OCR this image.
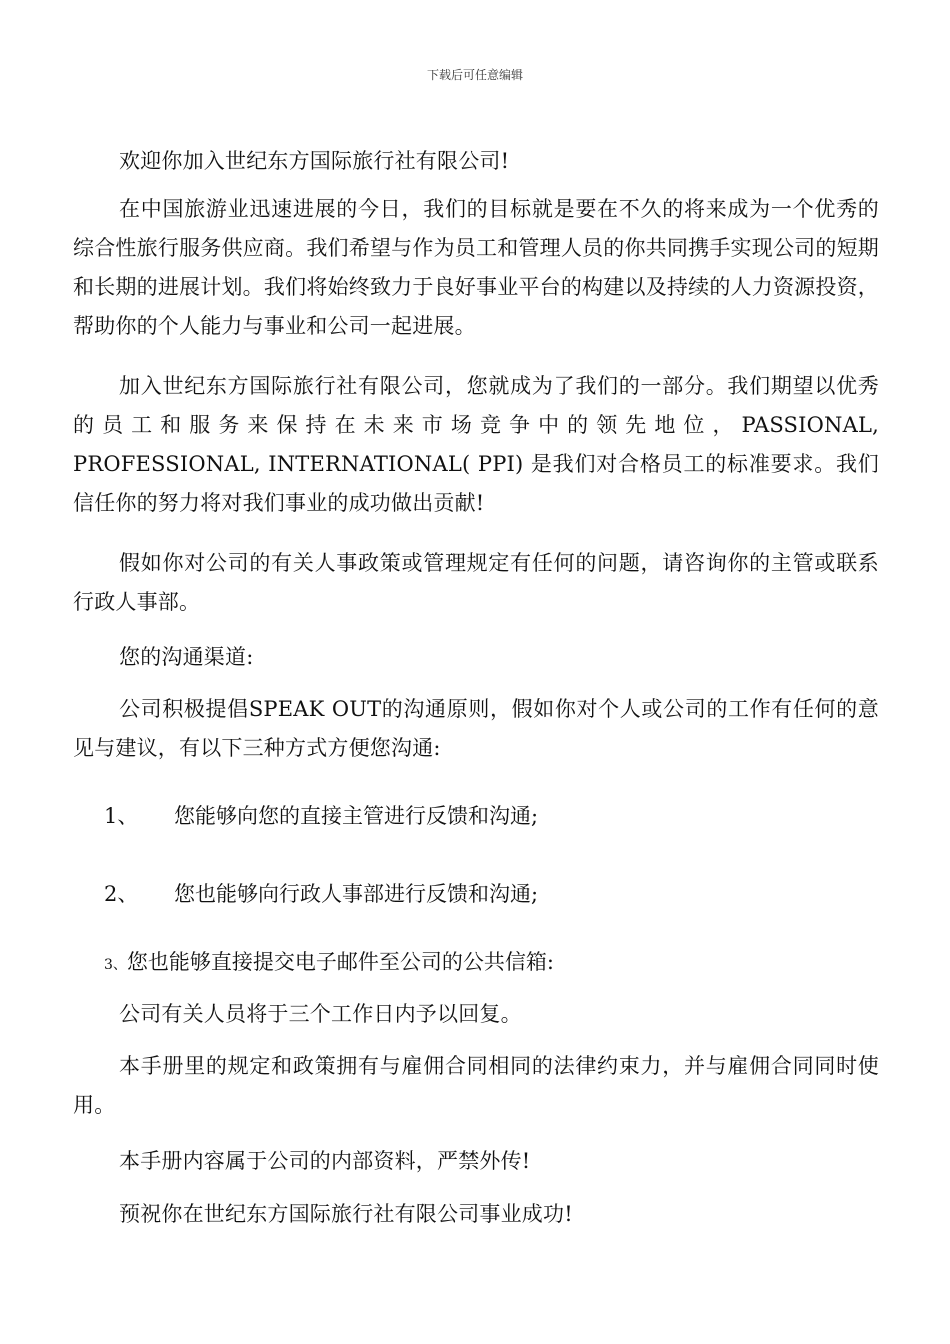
下载后可任意编辑

欢迎你加入世纪东方国际旅行社有限公司!

在中国旅游业迅速进展的今日，我们的目标就是要在不久的将来成为一个优秀的综合性旅行服务供应商。我们希望与作为员工和管理人员的你共同携手实现公司的短期和长期的进展计划。我们将始终致力于良好事业平台的构建以及持续的人力资源投资，帮助你的个人能力与事业和公司一起进展。

加入世纪东方国际旅行社有限公司，您就成为了我们的一部分。我们期望以优秀的员工和服务来保持在未来市场竞争中的领先地位，PASSIONAL, PROFESSIONAL, INTERNATIONAL( PPI) 是我们对合格员工的标准要求。我们信任你的努力将对我们事业的成功做出贡献!

假如你对公司的有关人事政策或管理规定有任何的问题，请咨询你的主管或联系行政人事部。

您的沟通渠道:

公司积极提倡SPEAK OUT的沟通原则，假如你对个人或公司的工作有任何的意见与建议，有以下三种方式方便您沟通:

1、 您能够向您的直接主管进行反馈和沟通;
2、 您也能够向行政人事部进行反馈和沟通;
3、您也能够直接提交电子邮件至公司的公共信箱:

公司有关人员将于三个工作日内予以回复。

本手册里的规定和政策拥有与雇佣合同相同的法律约束力，并与雇佣合同同时使用。

本手册内容属于公司的内部资料，严禁外传!

预祝你在世纪东方国际旅行社有限公司事业成功!
